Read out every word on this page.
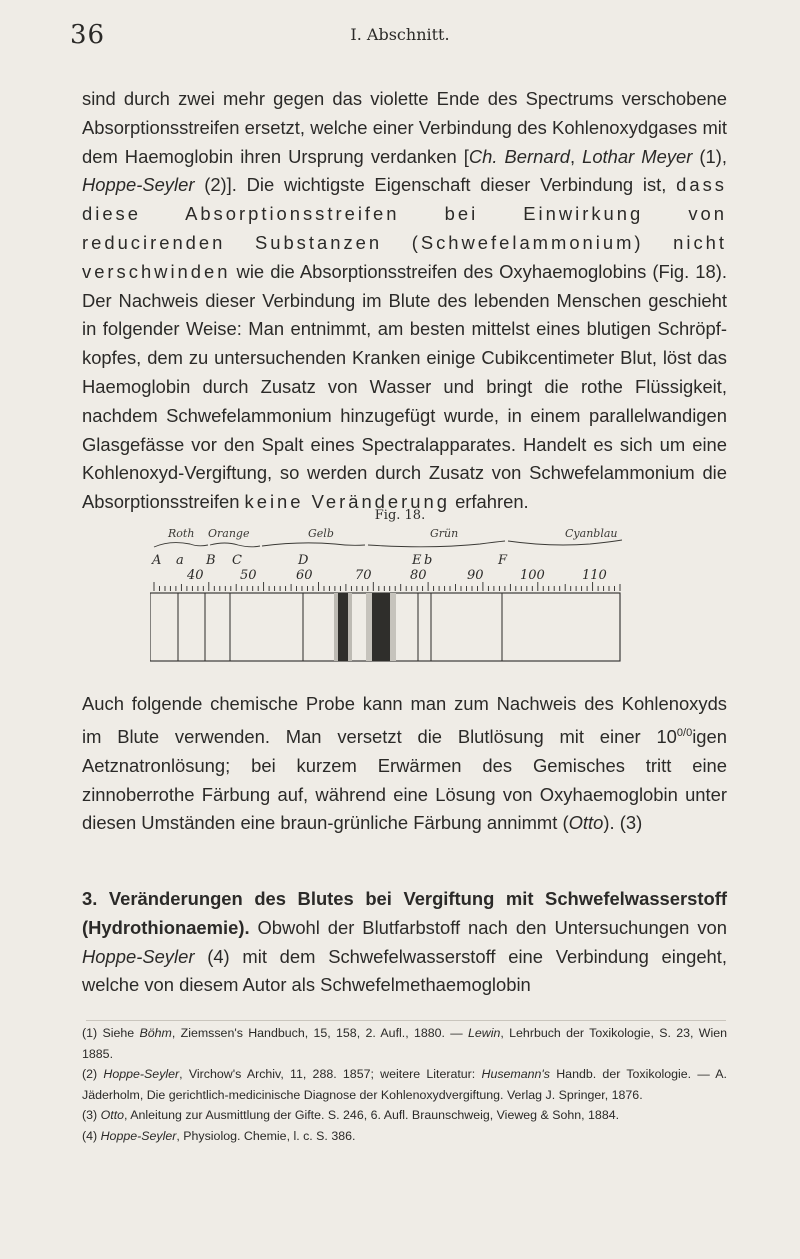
36	I. Abschnitt.

sind durch zwei mehr gegen das violette Ende des Spectrums verschobene Absorptionsstreifen ersetzt, welche einer Verbindung des Kohlenoxydgases mit dem Haemoglobin ihren Ursprung verdanken [Ch. Bernard, Lothar Meyer (1), Hoppe-Seyler (2)]. Die wichtigste Eigenschaft dieser Verbindung ist, dass diese Absorptionsstreifen bei Einwirkung von reducirenden Substanzen (Schwefelammonium) nicht verschwinden wie die Absorptionsstreifen des Oxyhaemoglobins (Fig. 18). Der Nachweis dieser Verbindung im Blute des lebenden Menschen geschieht in folgender Weise: Man entnimmt, am besten mittelst eines blutigen Schröpfkopfes, dem zu untersuchenden Kranken einige Cubikcentimeter Blut, löst das Haemoglobin durch Zusatz von Wasser und bringt die rothe Flüssigkeit, nachdem Schwefelammonium hinzugefügt wurde, in einem parallelwandigen Glasgefässe vor den Spalt eines Spectralapparates. Handelt es sich um eine Kohlenoxyd-Vergiftung, so werden durch Zusatz von Schwefelammonium die Absorptionsstreifen keine Veränderung erfahren.

Fig. 18.
Roth Orange	Gelb	Grün	Cyanblau
A a B C	D	E b	F
40	50	60	70	80	90	100	110

Auch folgende chemische Probe kann man zum Nachweis des Kohlenoxyds im Blute verwenden. Man versetzt die Blutlösung mit einer $10^{0/0}igen$ Aetznatronlösung; bei kurzem Erwärmen des Gemisches tritt eine zinnoberrothe Färbung auf, während eine Lösung von Oxyhaemoglobin unter diesen Umständen eine braun-grünliche Färbung annimmt (Otto). (3)

3. Veränderungen des Blutes bei Vergiftung mit Schwefelwasserstoff (Hydrothionaemie). Obwohl der Blutfarbstoff nach den Untersuchungen von Hoppe-Seyler (4) mit dem Schwefelwasserstoff eine Verbindung eingeht, welche von diesem Autor als Schwefelmethaemoglobin

(1) Siehe Böhm, Ziemssen's Handbuch, 15, 158, 2. Aufl., 1880. — Lewin, Lehrbuch der Toxikologie, S. 23, Wien 1885.

(2) Hoppe-Seyler, Virchow's Archiv, 11, 288. 1857; weitere Literatur: Husemann's Handb. der Toxikologie. — A. Jäderholm, Die gerichtlich-medicinische Diagnose der Kohlenoxydvergiftung. Verlag J. Springer, 1876.

(3) Otto, Anleitung zur Ausmittlung der Gifte. S. 246, 6. Aufl. Braunschweig, Vieweg & Sohn, 1884.

(4) Hoppe-Seyler, Physiolog. Chemie, l. c. S. 386.
